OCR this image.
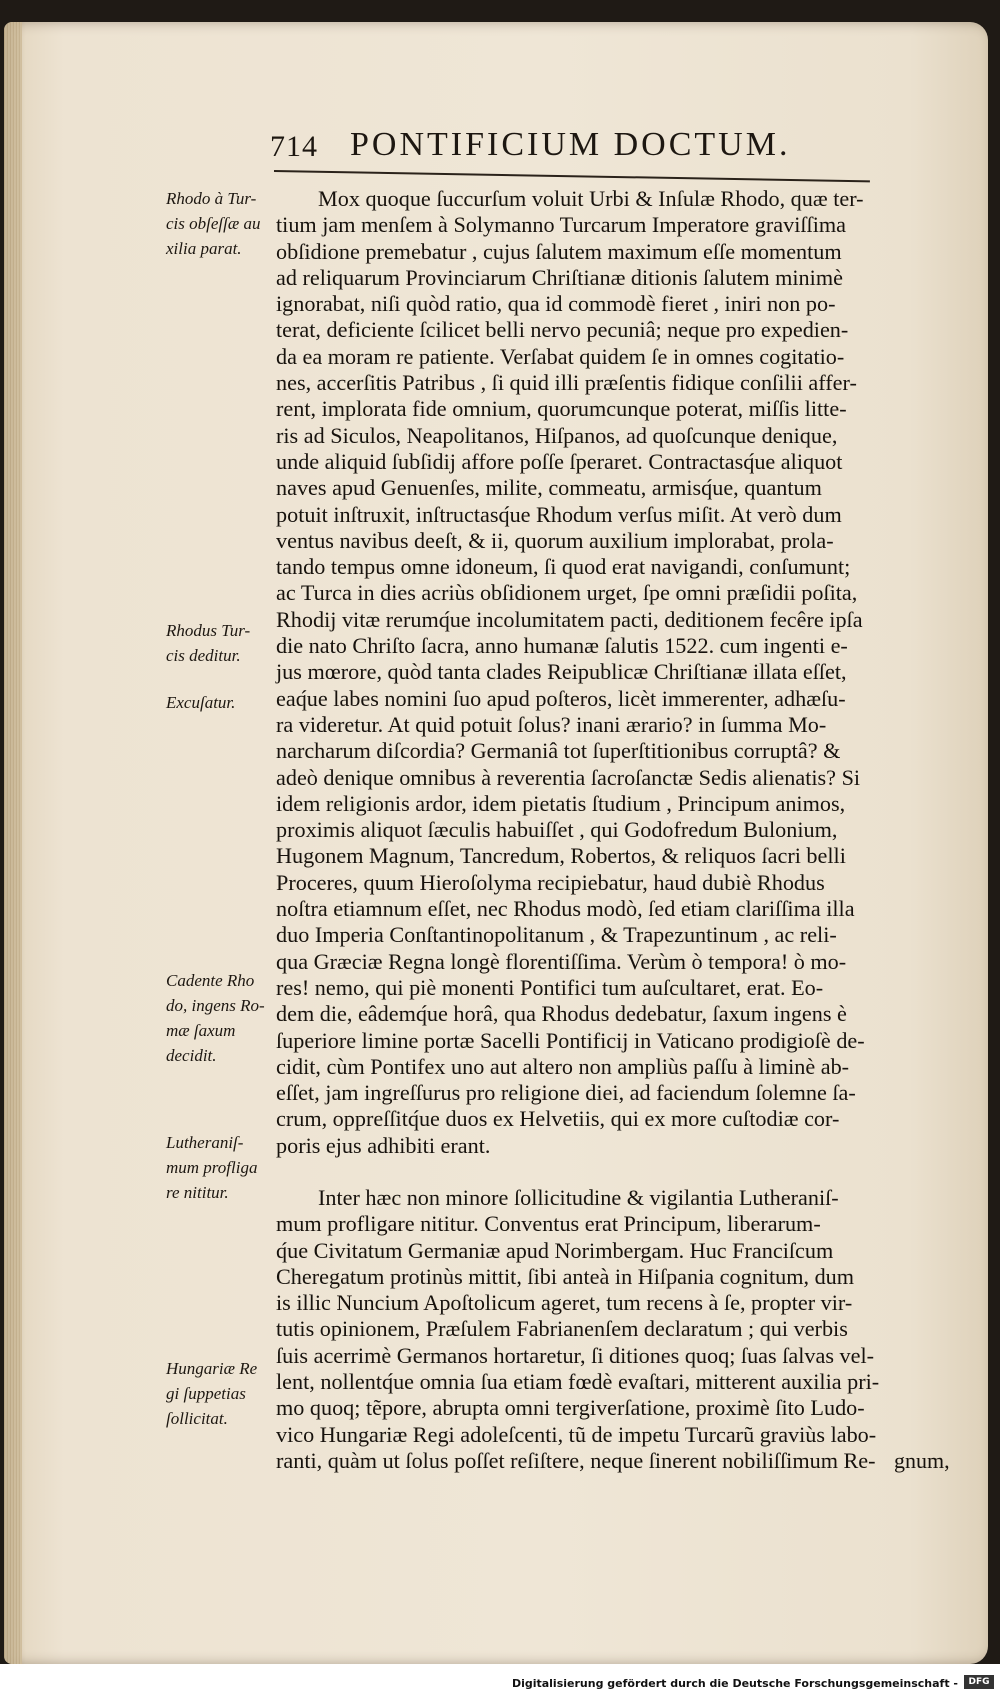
714 PONTIFICIUM DOCTUM.
Rhodo à Tur-
cis obſeſſæ au
xilia parat.
Rhodus Tur-
cis deditur.
Excuſatur.
Cadente Rho
do, ingens Ro-
mæ ſaxum
decidit.
Lutheraniſ-
mum profliga
re nititur.
Hungariæ Re
gi ſuppetias
ſollicitat.

Mox quoque ſuccurſum voluit Urbi & Inſulæ Rhodo, quæ ter-
tium jam menſem à Solymanno Turcarum Imperatore graviſſima
obſidione premebatur , cujus ſalutem maximum eſſe momentum
ad reliquarum Provinciarum Chriſtianæ ditionis ſalutem minimè
ignorabat, niſi quòd ratio, qua id commodè fieret , iniri non po-
terat, deficiente ſcilicet belli nervo pecuniâ; neque pro expedien-
da ea moram re patiente. Verſabat quidem ſe in omnes cogitatio-
nes, accerſitis Patribus , ſi quid illi præſentis fidique conſilii affer-
rent, implorata fide omnium, quorumcunque poterat, miſſis litte-
ris ad Siculos, Neapolitanos, Hiſpanos, ad quoſcunque denique,
unde aliquid ſubſidij affore poſſe ſperaret. Contractasq́ue aliquot
naves apud Genuenſes, milite, commeatu, armisq́ue, quantum
potuit inſtruxit, inſtructasq́ue Rhodum verſus miſit. At verò dum
ventus navibus deeſt, & ii, quorum auxilium implorabat, prola-
tando tempus omne idoneum, ſi quod erat navigandi, conſumunt;
ac Turca in dies acriùs obſidionem urget, ſpe omni præſidii poſita,
Rhodij vitæ rerumq́ue incolumitatem pacti, deditionem fecêre ipſa
die nato Chriſto ſacra, anno humanæ ſalutis 1522. cum ingenti e-
jus mœrore, quòd tanta clades Reipublicæ Chriſtianæ illata eſſet,
eaq́ue labes nomini ſuo apud poſteros, licèt immerenter, adhæſu-
ra videretur. At quid potuit ſolus? inani ærario? in ſumma Mo-
narcharum diſcordia? Germaniâ tot ſuperſtitionibus corruptâ? &
adeò denique omnibus à reverentia ſacroſanctæ Sedis alienatis? Si
idem religionis ardor, idem pietatis ſtudium , Principum animos,
proximis aliquot ſæculis habuiſſet , qui Godofredum Bulonium,
Hugonem Magnum, Tancredum, Robertos, & reliquos ſacri belli
Proceres, quum Hieroſolyma recipiebatur, haud dubiè Rhodus
noſtra etiamnum eſſet, nec Rhodus modò, ſed etiam clariſſima illa
duo Imperia Conſtantinopolitanum , & Trapezuntinum , ac reli-
qua Græciæ Regna longè florentiſſima. Verùm ò tempora! ò mo-
res! nemo, qui piè monenti Pontifici tum auſcultaret, erat. Eo-
dem die, eâdemq́ue horâ, qua Rhodus dedebatur, ſaxum ingens è
ſuperiore limine portæ Sacelli Pontificij in Vaticano prodigioſè de-
cidit, cùm Pontifex uno aut altero non ampliùs paſſu à liminè ab-
eſſet, jam ingreſſurus pro religione diei, ad faciendum ſolemne ſa-
crum, oppreſſitq́ue duos ex Helvetiis, qui ex more cuſtodiæ cor-
poris ejus adhibiti erant.

Inter hæc non minore ſollicitudine & vigilantia Lutheraniſ-
mum profligare nititur. Conventus erat Principum, liberarum-
q́ue Civitatum Germaniæ apud Norimbergam. Huc Franciſcum
Cheregatum protinùs mittit, ſibi anteà in Hiſpania cognitum, dum
is illic Nuncium Apoſtolicum ageret, tum recens à ſe, propter vir-
tutis opinionem, Præſulem Fabrianenſem declaratum ; qui verbis
ſuis acerrimè Germanos hortaretur, ſi ditiones quoq; ſuas ſalvas vel-
lent, nollentq́ue omnia ſua etiam fœdè evaſtari, mitterent auxilia pri-
mo quoq; tẽpore, abrupta omni tergiverſatione, proximè ſito Ludo-
vico Hungariæ Regi adoleſcenti, tũ de impetu Turcarũ graviùs labo-
ranti, quàm ut ſolus poſſet reſiſtere, neque ſinerent nobiliſſimum Re- gnum,
Digitalisierung gefördert durch die Deutsche Forschungsgemeinschaft -	DFG
